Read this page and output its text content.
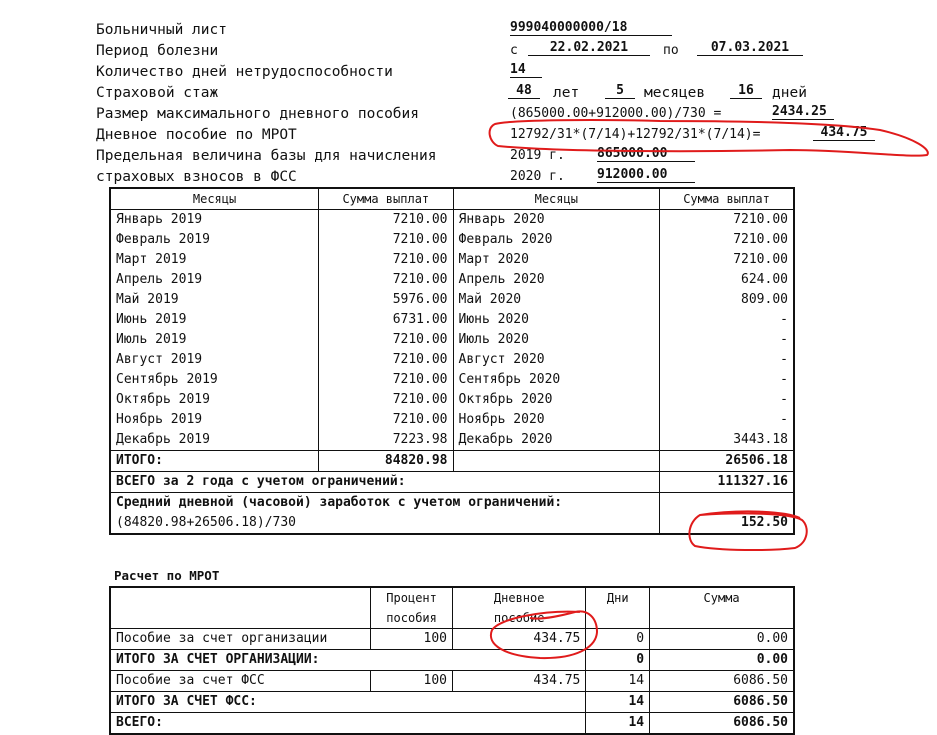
Больничный лист	999040000000/18
Период болезни	с	22.02.2021	по	07.03.2021
Количество дней нетрудоспособности	14
Страховой стаж	48	лет	5	месяцев	16	дней
Размер максимального дневного пособия	(865000.00+912000.00)/730 =	2434.25
Дневное пособие по МРОТ	12792/31*(7/14)+12792/31*(7/14)=	434.75
Предельная величина базы для начисления	2019 г. 865000.00
страховых взносов в ФСС	2020 г. 912000.00
Месяцы	Сумма выплат	Месяцы	Сумма выплат
Январь 2019	7210.00	Январь 2020	7210.00
Февраль 2019	7210.00	Февраль 2020	7210.00
Март 2019	7210.00	Март 2020	7210.00
Апрель 2019	7210.00	Апрель 2020	624.00
Май 2019	5976.00	Май 2020	809.00
Июнь 2019	6731.00	Июнь 2020	-
Июль 2019	7210.00	Июль 2020	-
Август 2019	7210.00	Август 2020	-
Сентябрь 2019	7210.00	Сентябрь 2020	-
Октябрь 2019	7210.00	Октябрь 2020	-
Ноябрь 2019	7210.00	Ноябрь 2020	-
Декабрь 2019	7223.98	Декабрь 2020	3443.18
ИТОГО:	84820.98		26506.18
ВСЕГО за 2 года с учетом ограничений:			111327.16
Средний дневной (часовой) заработок с учетом ограничений:			152.50
(84820.98+26506.18)/730			
Расчет по МРОТ
	Процент	Дневное	Дни	Сумма
	пособия	пособие		
Пособие за счет организации	100	434.75	0	0.00
ИТОГО ЗА СЧЕТ ОРГАНИЗАЦИИ:			0	0.00
Пособие за счет ФСС	100	434.75	14	6086.50
ИТОГО ЗА СЧЕТ ФСС:			14	6086.50
ВСЕГО:			14	6086.50
